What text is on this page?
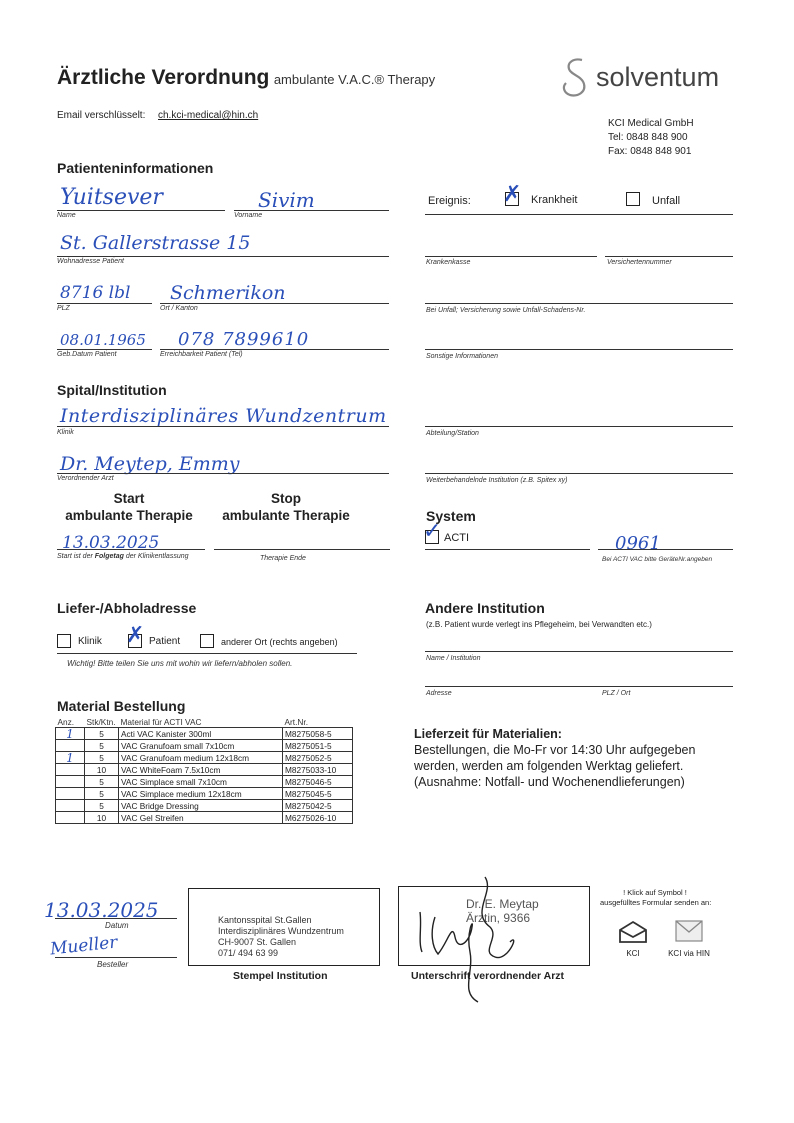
Ärztliche Verordnung ambulante V.A.C.® Therapy	solventum
Email verschlüsselt: ch.kci-medical@hin.ch
KCI Medical GmbH
Tel: 0848 848 900
Fax: 0848 848 901
Patienteninformationen
Yuitsever
Name
Sivim
Vorname
St. Gallerstrasse 15
Wohnadresse Patient
8716 lbl
PLZ
Schmerikon
Ort / Kanton
08.01.1965
Geb.Datum Patient
078 7899610
Erreichbarkeit Patient (Tel)
Ereignis: ✗ Krankheit	Unfall
Krankenkasse	Versichertennummer
Bei Unfall; Versicherung sowie Unfall-Schadens-Nr.
Sonstige Informationen
Spital/Institution
Interdisziplinäres Wundzentrum
Klinik
Dr. Meytep, Emmy
Verordnender Arzt
Abteilung/Station
Weiterbehandelnde Institution (z.B. Spitex xy)
Start
ambulante Therapie
Stop
ambulante Therapie
13.03.2025
Start ist der Folgetag der Klinikentlassung	Therapie Ende
System
✓ ACTI	0961
Bei ACTI VAC bitte GeräteNr.angeben
Liefer-/Abholadresse
Klinik ✗ Patient	anderer Ort (rechts angeben)
Wichtig! Bitte teilen Sie uns mit wohin wir liefern/abholen sollen.
Andere Institution
(z.B. Patient wurde verlegt ins Pflegeheim, bei Verwandten etc.)
Name / Institution
Adresse	PLZ / Ort
Material Bestellung
Anz.	Stk/Ktn.	Material für ACTI VAC	Art.Nr.
1	5	Acti VAC Kanister 300ml	M8275058-5
	5	VAC Granufoam small 7x10cm	M8275051-5
1	5	VAC Granufoam medium 12x18cm	M8275052-5
	10	VAC WhiteFoam 7.5x10cm	M8275033-10
	5	VAC Simplace small 7x10cm	M8275046-5
	5	VAC Simplace medium 12x18cm	M8275045-5
	5	VAC Bridge Dressing	M8275042-5
	10	VAC Gel Streifen	M6275026-10
Lieferzeit für Materialien:
Bestellungen, die Mo-Fr vor 14:30 Uhr aufgegeben
werden, werden am folgenden Werktag geliefert.
(Ausnahme: Notfall- und Wochenendlieferungen)
13.03.2025
Datum
Mueller
Besteller
Kantonsspital St.Gallen
Interdisziplinäres Wundzentrum
CH-9007 St. Gallen
071/ 494 63 99
Stempel Institution
Dr. E. Meytap
Ärztin, 9366
Unterschrift verordnender Arzt
! Klick auf Symbol !
ausgefülltes Formular senden an:
KCI	KCI via HIN
